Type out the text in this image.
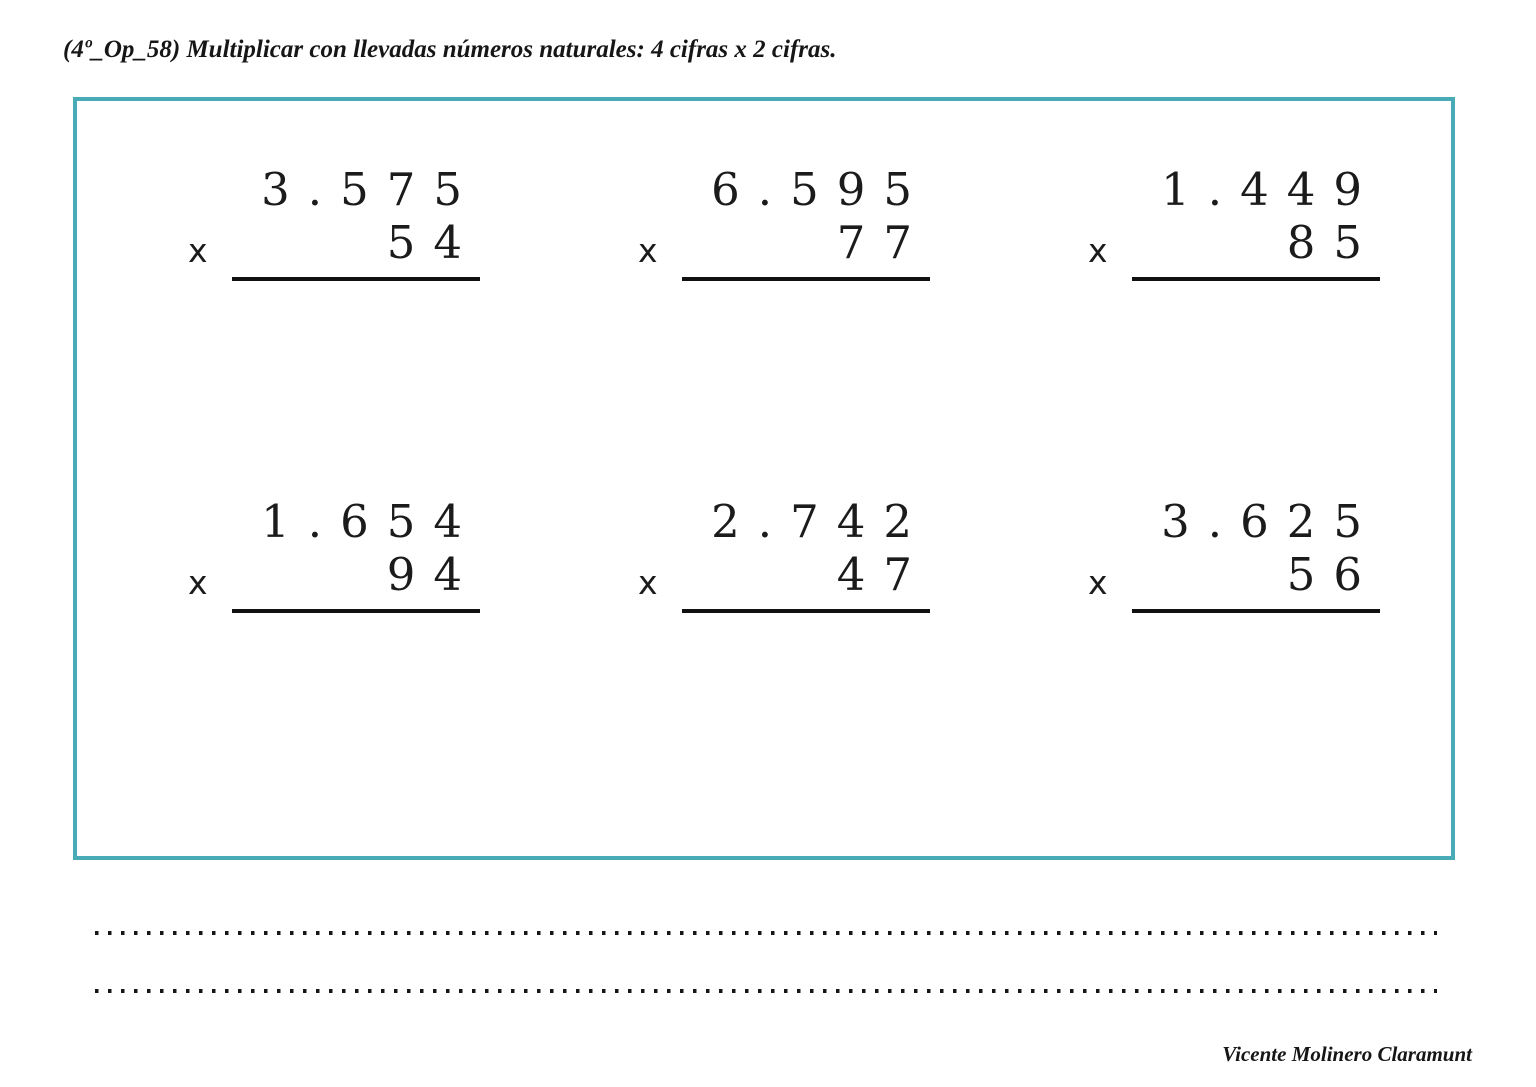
(4º_Op_58) Multiplicar con llevadas números naturales: 4 cifras x 2 cifras.
3.575
x	54
6.595
x	77
1.449
x	85
1.654
x	94
2.742
x	47
3.625
x	56
Vicente Molinero Claramunt
